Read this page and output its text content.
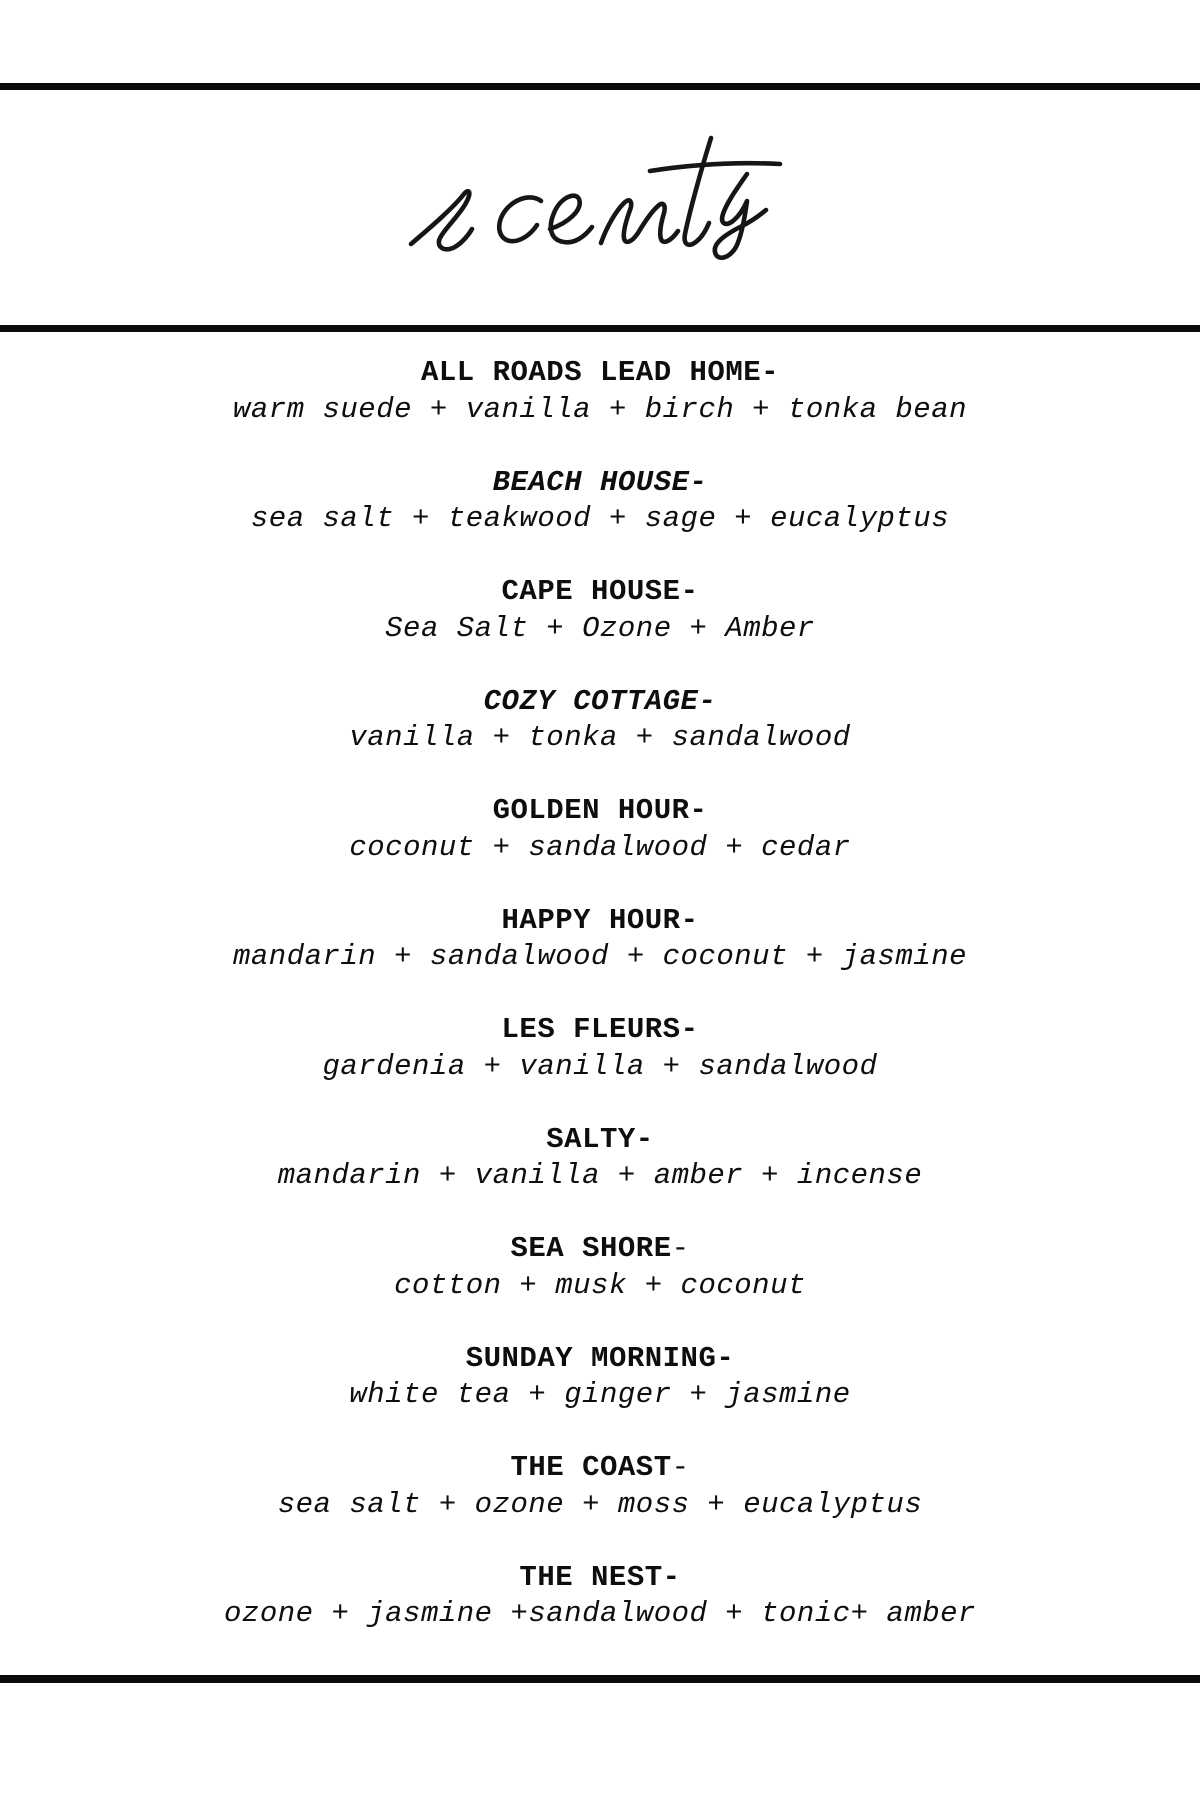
ALL ROADS LEAD HOME-
warm suede + vanilla + birch + tonka bean
BEACH HOUSE-
sea salt + teakwood + sage + eucalyptus
CAPE HOUSE-
Sea Salt + Ozone + Amber
COZY COTTAGE-
vanilla + tonka + sandalwood
GOLDEN HOUR-
coconut + sandalwood + cedar
HAPPY HOUR-
mandarin + sandalwood + coconut + jasmine
LES FLEURS-
gardenia + vanilla + sandalwood
SALTY-
mandarin + vanilla + amber + incense
SEA SHORE-
cotton + musk + coconut
SUNDAY MORNING-
white tea + ginger + jasmine
THE COAST-
sea salt + ozone + moss + eucalyptus
THE NEST-
ozone + jasmine +sandalwood + tonic+ amber
